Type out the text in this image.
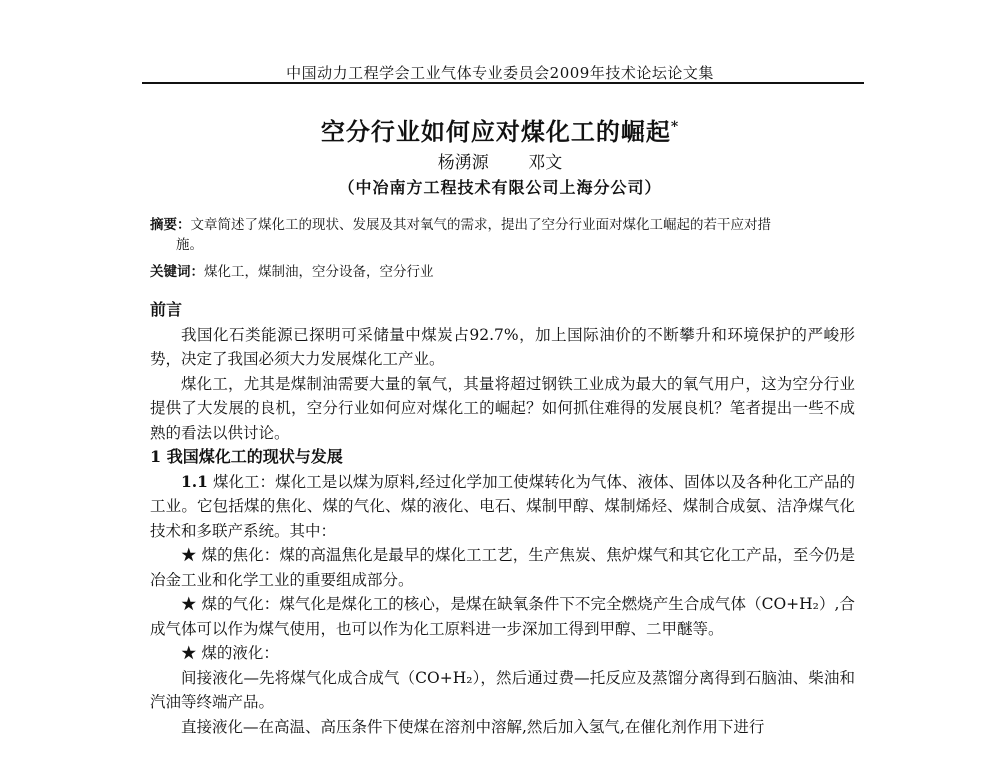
中国动力工程学会工业气体专业委员会2009年技术论坛论文集
空分行业如何应对煤化工的崛起*
杨湧源 邓文
（中冶南方工程技术有限公司上海分公司）
摘要：文章简述了煤化工的现状、发展及其对氧气的需求，提出了空分行业面对煤化工崛起的若干应对措
施。
关键词：煤化工，煤制油，空分设备，空分行业
前言

我国化石类能源已探明可采储量中煤炭占92.7%，加上国际油价的不断攀升和环境保护的严峻形势，决定了我国必须大力发展煤化工产业。

煤化工，尤其是煤制油需要大量的氧气，其量将超过钢铁工业成为最大的氧气用户，这为空分行业提供了大发展的良机，空分行业如何应对煤化工的崛起？如何抓住难得的发展良机？笔者提出一些不成熟的看法以供讨论。

1 我国煤化工的现状与发展

1.1 煤化工：煤化工是以煤为原料,经过化学加工使煤转化为气体、液体、固体以及各种化工产品的工业。它包括煤的焦化、煤的气化、煤的液化、电石、煤制甲醇、煤制烯烃、煤制合成氨、洁净煤气化技术和多联产系统。其中：

★ 煤的焦化：煤的高温焦化是最早的煤化工工艺，生产焦炭、焦炉煤气和其它化工产品，至今仍是冶金工业和化学工业的重要组成部分。

★ 煤的气化：煤气化是煤化工的核心，是煤在缺氧条件下不完全燃烧产生合成气体（CO+H₂）,合成气体可以作为煤气使用，也可以作为化工原料进一步深加工得到甲醇、二甲醚等。

★ 煤的液化：

间接液化—先将煤气化成合成气（CO+H₂），然后通过费—托反应及蒸馏分离得到石脑油、柴油和汽油等终端产品。

直接液化—在高温、高压条件下使煤在溶剂中溶解,然后加入氢气,在催化剂作用下进行
